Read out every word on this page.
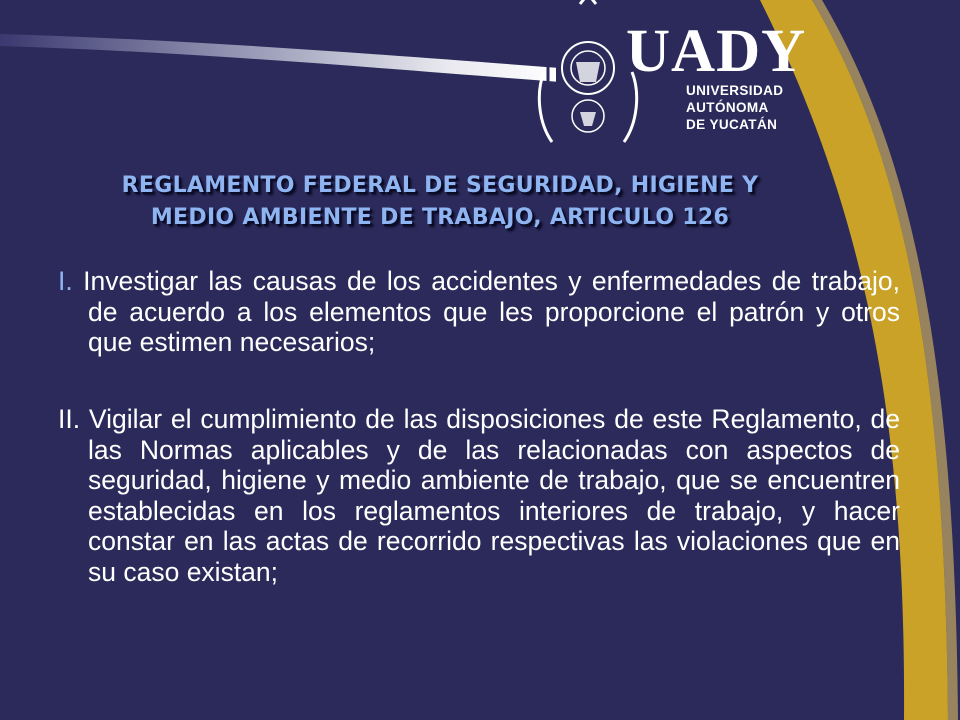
UADY
UNIVERSIDAD
AUTÓNOMA
DE YUCATÁN
REGLAMENTO FEDERAL DE SEGURIDAD, HIGIENE Y
MEDIO AMBIENTE DE TRABAJO, ARTICULO 126
I. Investigar las causas de los accidentes y enfermedades de trabajo, de acuerdo a los elementos que les proporcione el patrón y otros que estimen necesarios;
II. Vigilar el cumplimiento de las disposiciones de este Reglamento, de las Normas aplicables y de las relacionadas con aspectos de seguridad, higiene y medio ambiente de trabajo, que se encuentren establecidas en los reglamentos interiores de trabajo, y hacer constar en las actas de recorrido respectivas las violaciones que en su caso existan;
